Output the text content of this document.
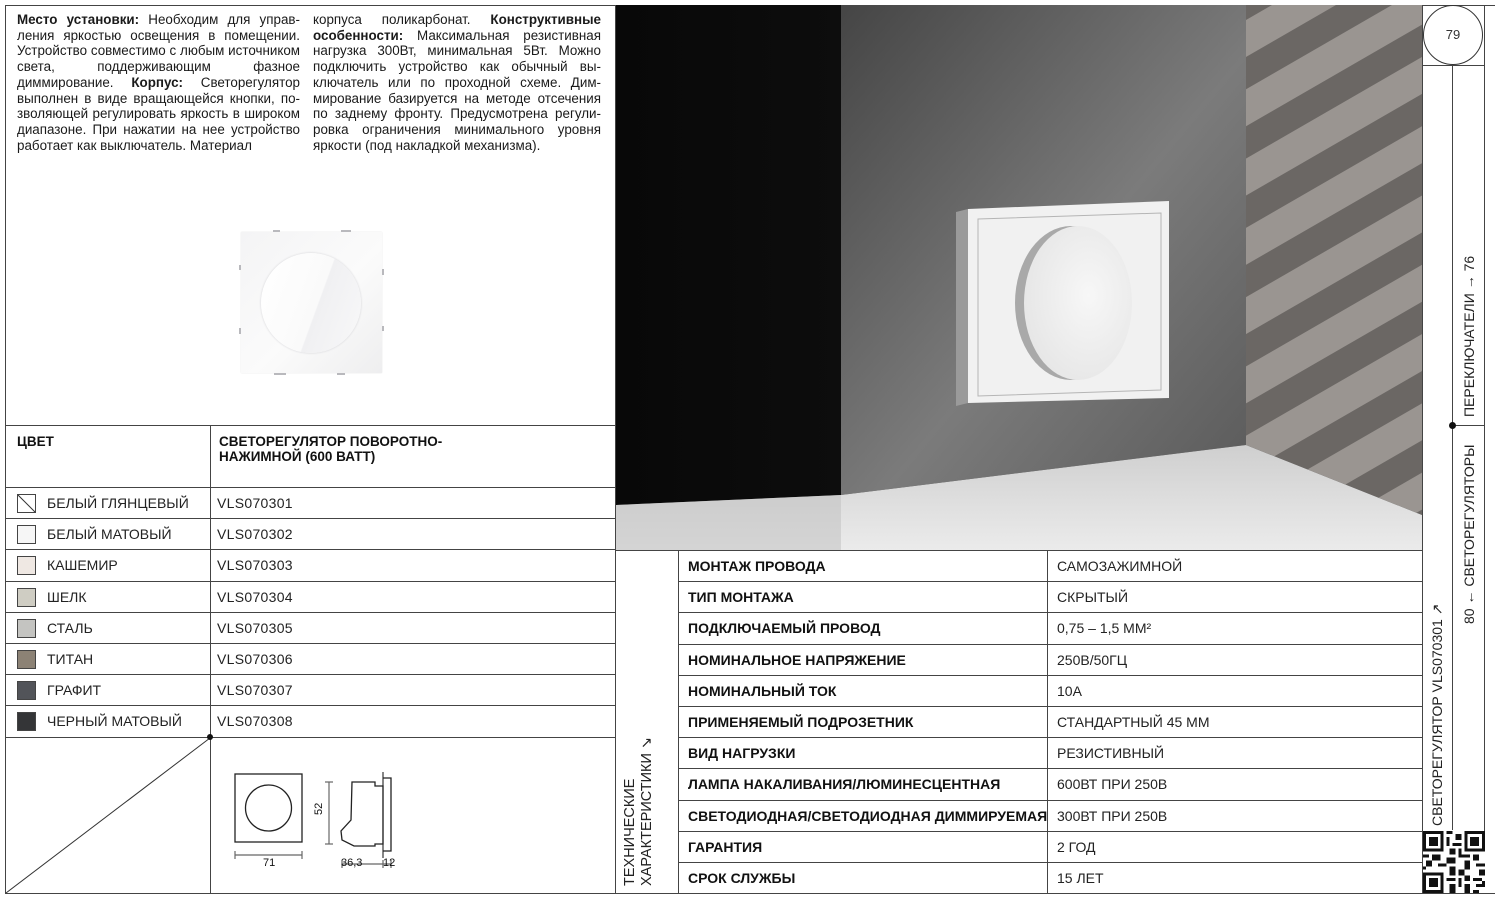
Место установки: Необходим для управления яркостью освещения в помещении. Устройство совместимо с любым источником света, поддерживающим фазное диммирование. Корпус: Светорегулятор выполнен в виде вращающейся кнопки, позволяющей регулировать яркость в широком диапазоне. При нажатии на нее устройство работает как выключатель. Материал
корпуса поликарбонат. Конструктивные особенности: Максимальная резистивная нагрузка 300Вт, минимальная 5Вт. Можно подключить устройство как обычный выключатель или по проходной схеме. Диммирование базируется на методе отсечения по заднему фронту. Предусмотрена регулировка ограничения минимального уровня яркости (под накладкой механизма).
ЦВЕТ	СВЕТОРЕГУЛЯТОР ПОВОРОТНО-НАЖИМНОЙ (600 ВАТТ)
БЕЛЫЙ ГЛЯНЦЕВЫЙ VLS070301
БЕЛЫЙ МАТОВЫЙ	VLS070302
КАШЕМИР	VLS070303
ШЕЛК	VLS070304
СТАЛЬ	VLS070305
ТИТАН	VLS070306
ГРАФИТ	VLS070307
ЧЕРНЫЙ МАТОВЫЙ	VLS070308
71
52
36,3 12	ТЕХНИЧЕСКИЕ ХАРАКТЕРИСТИКИ ↘
МОНТАЖ ПРОВОДА	САМОЗАЖИМНОЙ
ТИП МОНТАЖА	СКРЫТЫЙ
ПОДКЛЮЧАЕМЫЙ ПРОВОД	0,75 – 1,5 ММ²
НОМИНАЛЬНОЕ НАПРЯЖЕНИЕ	250В/50ГЦ
НОМИНАЛЬНЫЙ ТОК	10А
ПРИМЕНЯЕМЫЙ ПОДРОЗЕТНИК	СТАНДАРТНЫЙ 45 ММ
ВИД НАГРУЗКИ	РЕЗИСТИВНЫЙ
ЛАМПА НАКАЛИВАНИЯ/ЛЮМИНЕСЦЕНТНАЯ	600ВТ ПРИ 250В
СВЕТОДИОДНАЯ/СВЕТОДИОДНАЯ ДИММИРУЕМАЯ 300ВТ ПРИ 250В
ГАРАНТИЯ	2 ГОД
СРОК СЛУЖБЫ	15 ЛЕТ
79
ПЕРЕКЛЮЧАТЕЛИ → 76
80 ← СВЕТОРЕГУЛЯТОРЫ
СВЕТОРЕГУЛЯТОР VLS070301 ↗
